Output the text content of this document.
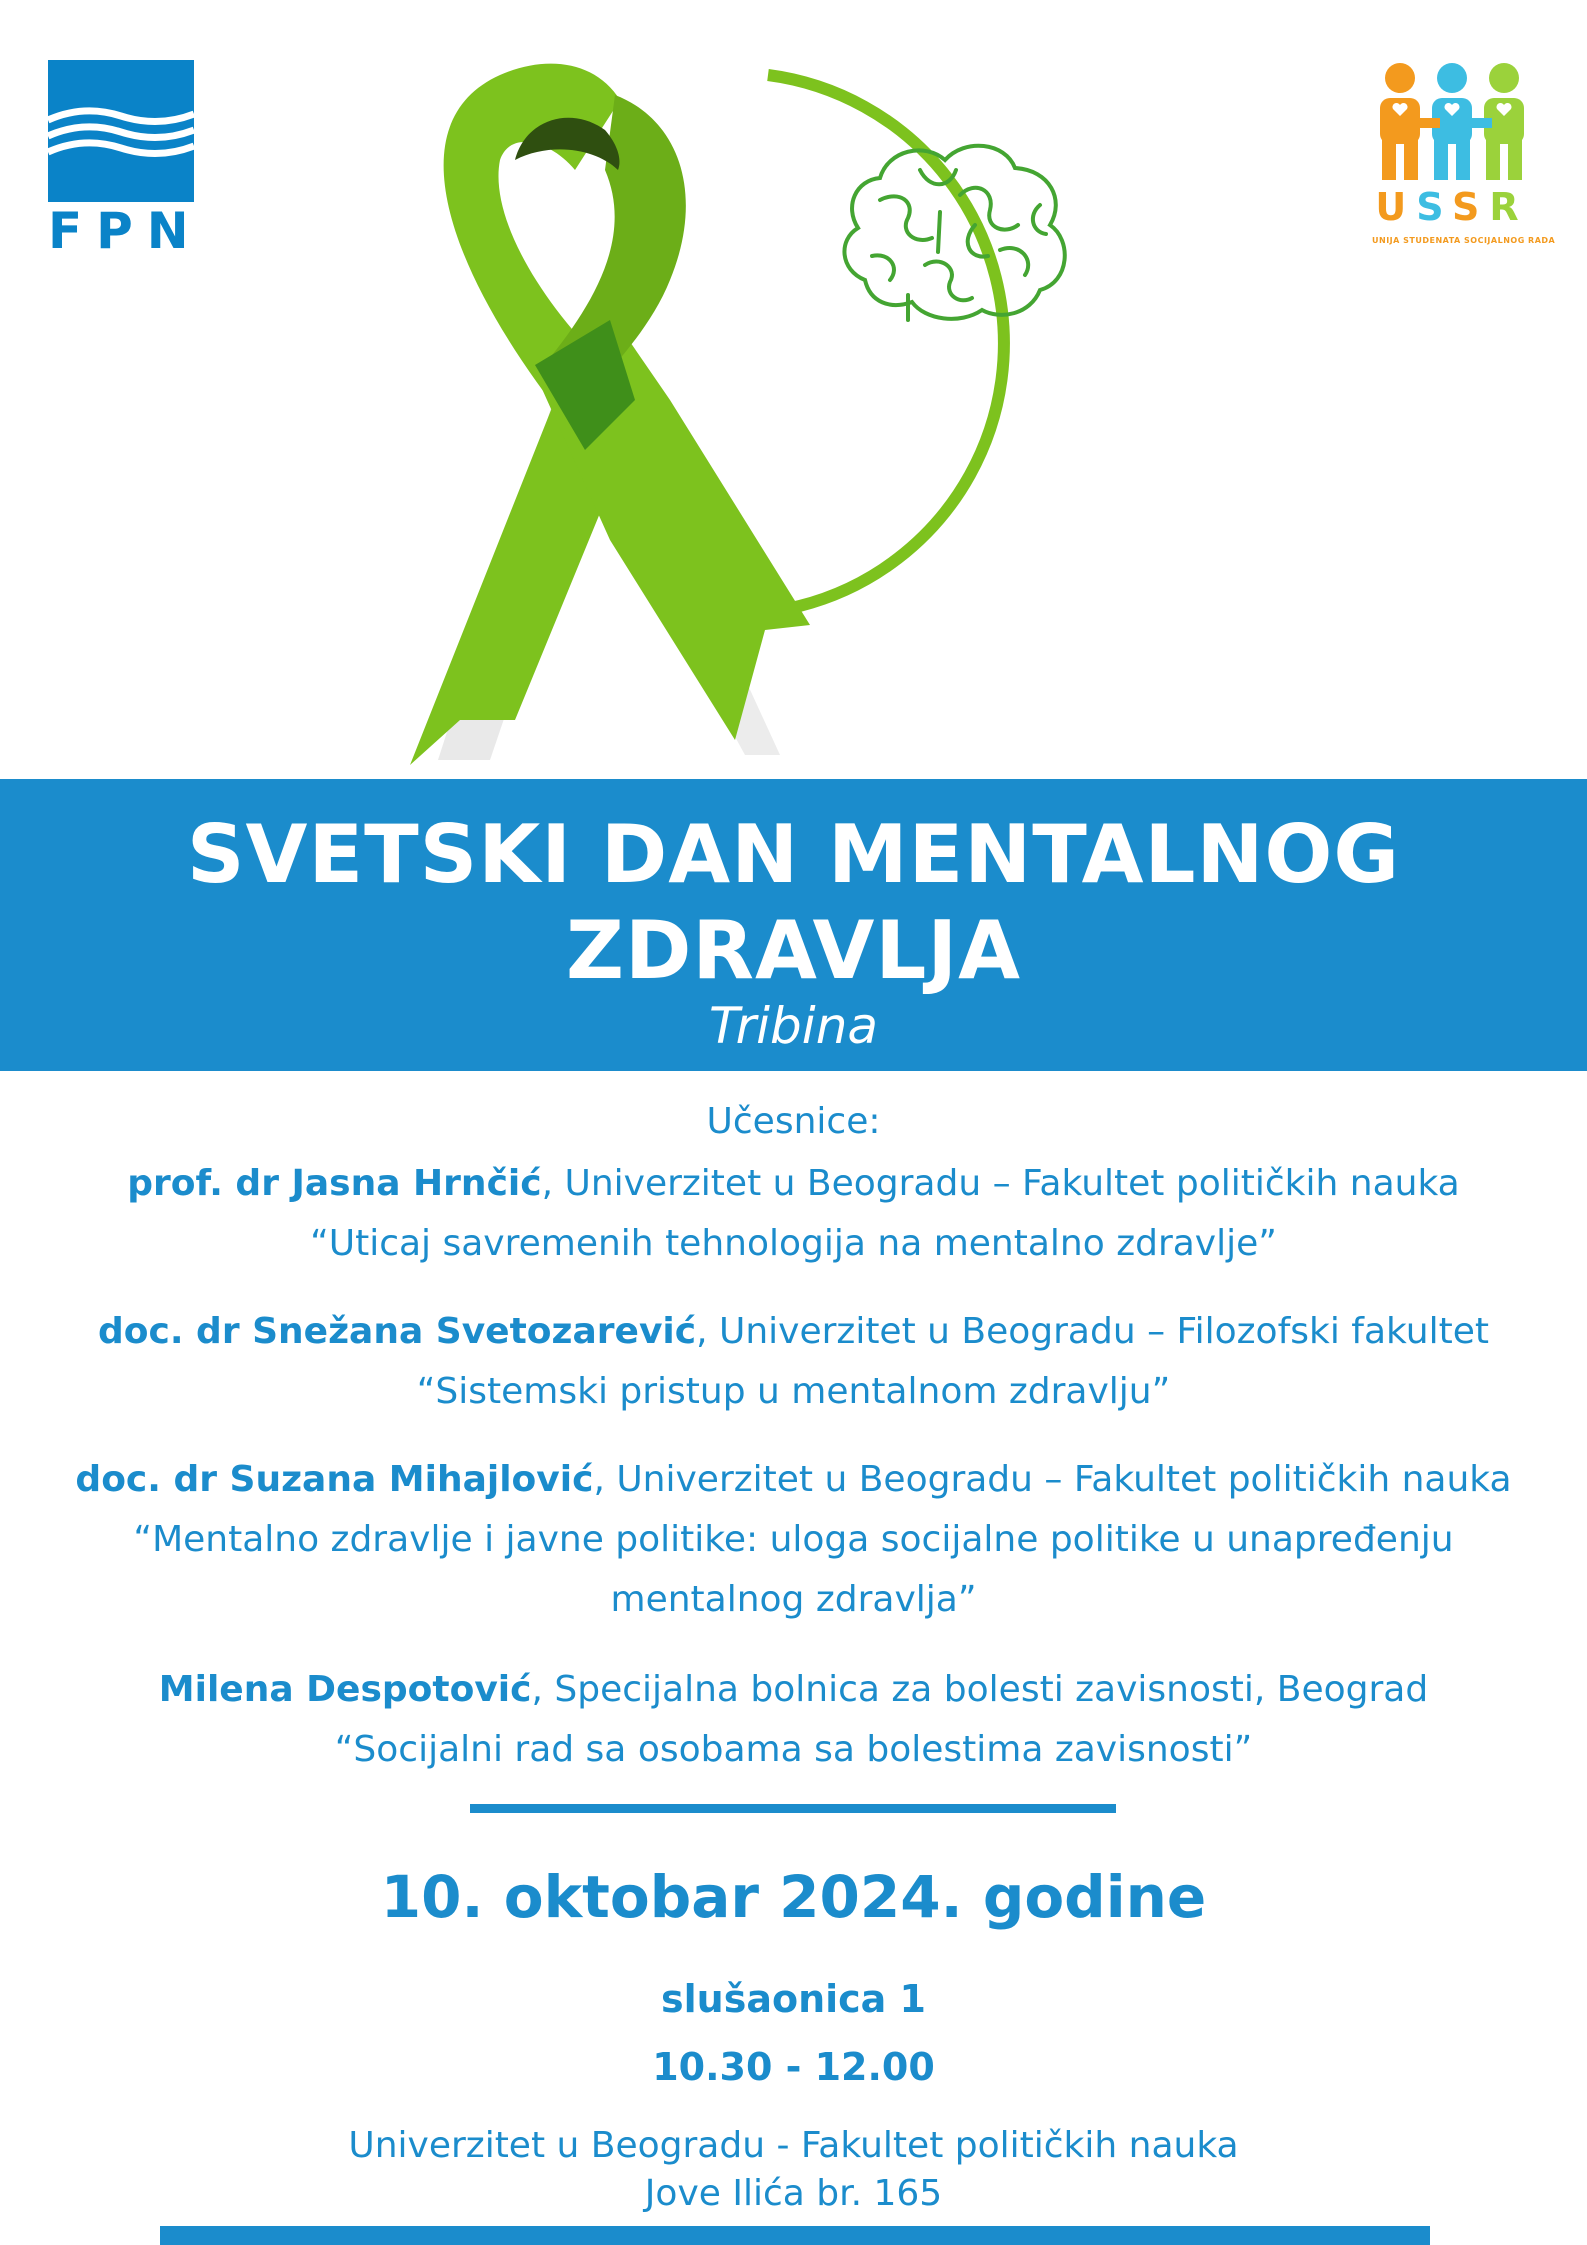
FPN	USSR
UNIJA STUDENATA SOCIJALNOG RADA
SVETSKI DAN MENTALNOG
ZDRAVLJA
Tribina
Učesnice:
prof. dr Jasna Hrnčić, Univerzitet u Beogradu – Fakultet političkih nauka
“Uticaj savremenih tehnologija na mentalno zdravlje”
doc. dr Snežana Svetozarević, Univerzitet u Beogradu – Filozofski fakultet
“Sistemski pristup u mentalnom zdravlju”
doc. dr Suzana Mihajlović, Univerzitet u Beogradu – Fakultet političkih nauka
“Mentalno zdravlje i javne politike: uloga socijalne politike u unapređenju
mentalnog zdravlja”
Milena Despotović, Specijalna bolnica za bolesti zavisnosti, Beograd
“Socijalni rad sa osobama sa bolestima zavisnosti”
10. oktobar 2024. godine
slušaonica 1
10.30 - 12.00
Univerzitet u Beogradu - Fakultet političkih nauka
Jove Ilića br. 165
